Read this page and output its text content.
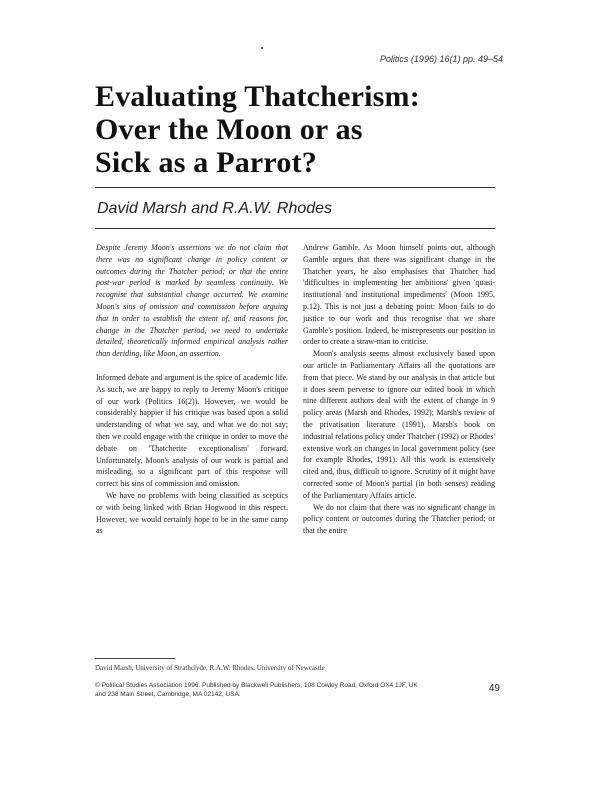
Politics (1996) 16(1) pp. 49–54
Evaluating Thatcherism:
Over the Moon or as
Sick as a Parrot?
David Marsh and R.A.W. Rhodes

Despite Jeremy Moon's assertions we do not claim that there was no significant change in policy content or outcomes during the Thatcher period; or that the entire post-war period is marked by seamless continuity. We recognise that substantial change occurred. We examine Moon's sins of omission and commission before arguing that in order to establish the extent of, and reasons for, change in the Thatcher period, we need to undertake detailed, theoretically informed empirical analysis rather than deriding, like Moon, an assertion.

Informed debate and argument is the spice of academic life. As such, we are happy to reply to Jeremy Moon's critique of our work (Politics 16(2)). However, we would be considerably happier if his critique was based upon a solid understanding of what we say, and what we do not say; then we could engage with the critique in order to move the debate on 'Thatcherite exceptionalism' forward. Unfortunately, Moon's analysis of our work is partial and misleading, so a significant part of this response will correct his sins of commission and omission.

We have no problems with being classified as sceptics or with being linked with Brian Hogwood in this respect. However, we would certainly hope to be in the same camp as

Andrew Gamble. As Moon himself points out, although Gamble argues that there was significant change in the Thatcher years, he also emphasises that Thatcher had 'difficulties in implementing her ambitions' given 'quasi-institutional and institutional impediments' (Moon 1995, p.12). This is not just a debating point: Moon fails to do justice to our work and thus recognise that we share Gamble's position. Indeed, he misrepresents our position in order to create a straw-man to criticise.

Moon's analysis seems almost exclusively based upon our article in Parliamentary Affairs all the quotations are from that piece. We stand by our analysis in that article but it does seem perverse to ignore our edited book in which nine different authors deal with the extent of change in 9 policy areas (Marsh and Rhodes, 1992); Marsh's review of the privatisation literature (1991), Marsh's book on industrial relations policy under Thatcher (1992) or Rhodes' extensive work on changes in local government policy (see for example Rhodes, 1991). All this work is extensively cited and, thus, difficult to ignore. Scrutiny of it might have corrected some of Moon's partial (in both senses) reading of the Parliamentary Affairs article.

We do not claim that there was no significant change in policy content or outcomes during the Thatcher period; or that the entire

David Marsh, University of Strathclyde, R.A.W. Rhodes, University of Newcastle
© Political Studies Association 1996. Published by Blackwell Publishers, 108 Cowley Road, Oxford OX4 1JF, UK and 238 Main Street, Cambridge, MA 02142, USA.
49
